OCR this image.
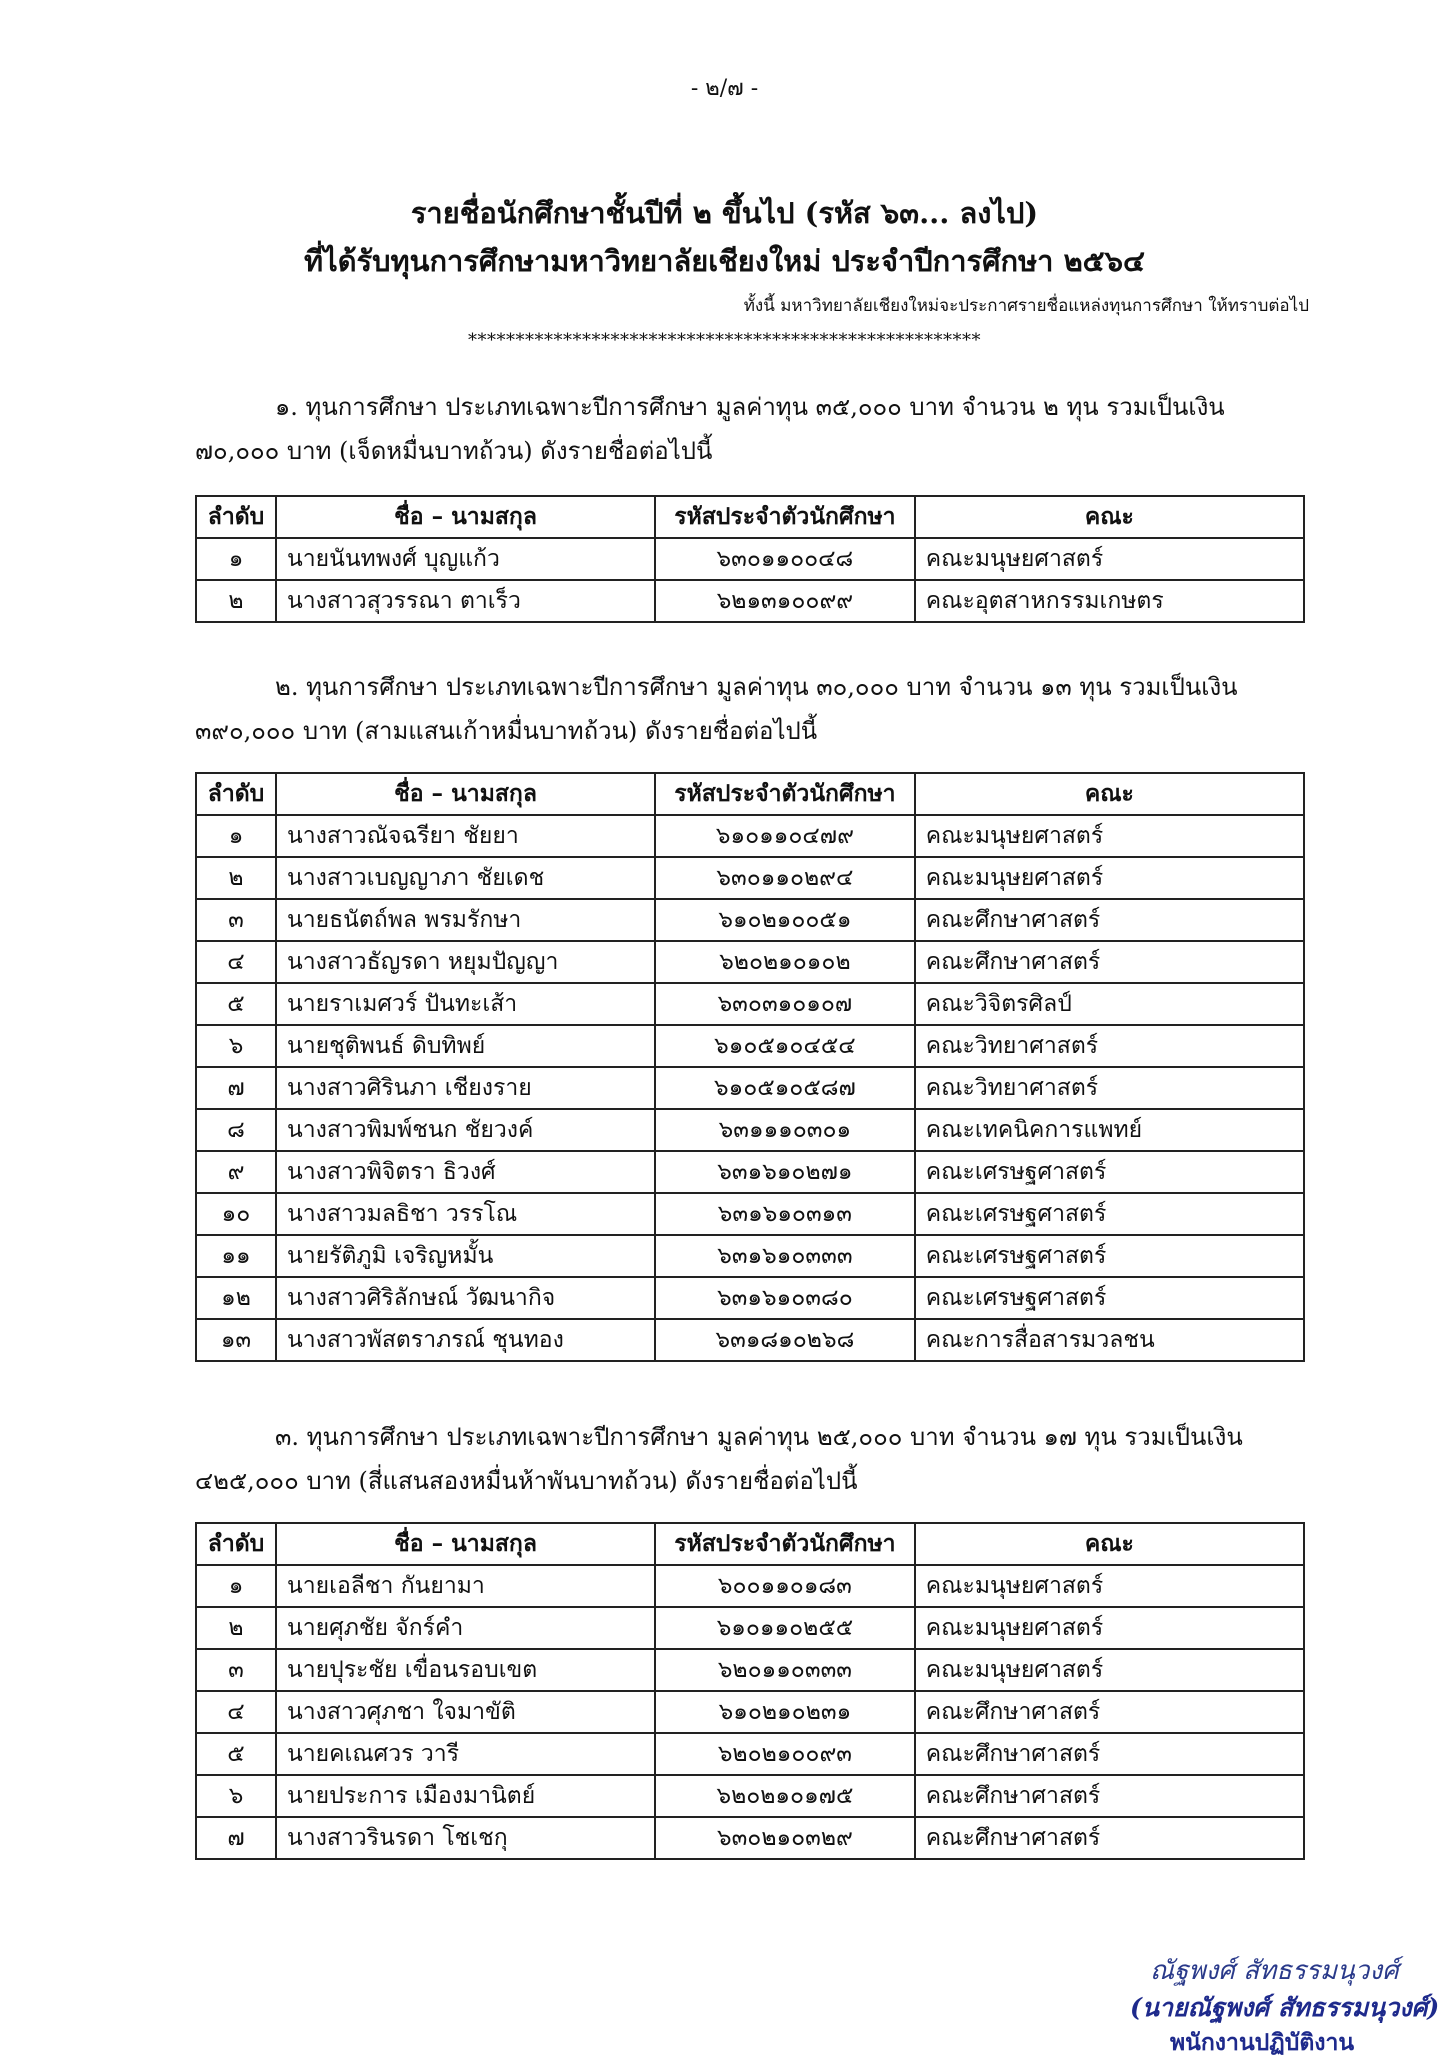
- ๒/๗ -
รายชื่อนักศึกษาชั้นปีที่ ๒ ขึ้นไป (รหัส ๖๓... ลงไป)
ที่ได้รับทุนการศึกษามหาวิทยาลัยเชียงใหม่ ประจำปีการศึกษา ๒๕๖๔
ทั้งนี้ มหาวิทยาลัยเชียงใหม่จะประกาศรายชื่อแหล่งทุนการศึกษา ให้ทราบต่อไป
******************************************************
๑. ทุนการศึกษา ประเภทเฉพาะปีการศึกษา มูลค่าทุน ๓๕,๐๐๐ บาท จำนวน ๒ ทุน รวมเป็นเงิน ๗๐,๐๐๐ บาท (เจ็ดหมื่นบาทถ้วน) ดังรายชื่อต่อไปนี้
ลำดับ	ชื่อ – นามสกุล	รหัสประจำตัวนักศึกษา	คณะ
๑	นายนันทพงศ์ บุญแก้ว	๖๓๐๑๑๐๐๔๘	คณะมนุษยศาสตร์
๒	นางสาวสุวรรณา ตาเร็ว	๖๒๑๓๑๐๐๙๙	คณะอุตสาหกรรมเกษตร
๒. ทุนการศึกษา ประเภทเฉพาะปีการศึกษา มูลค่าทุน ๓๐,๐๐๐ บาท จำนวน ๑๓ ทุน รวมเป็นเงิน ๓๙๐,๐๐๐ บาท (สามแสนเก้าหมื่นบาทถ้วน) ดังรายชื่อต่อไปนี้
ลำดับ	ชื่อ – นามสกุล	รหัสประจำตัวนักศึกษา	คณะ
๑	นางสาวณัจฉรียา ชัยยา	๖๑๐๑๑๐๔๗๙	คณะมนุษยศาสตร์
๒	นางสาวเบญญาภา ชัยเดช	๖๓๐๑๑๐๒๙๔	คณะมนุษยศาสตร์
๓	นายธนัตถ์พล พรมรักษา	๖๑๐๒๑๐๐๕๑	คณะศึกษาศาสตร์
๔	นางสาวธัญรดา หยุมปัญญา	๖๒๐๒๑๐๑๐๒	คณะศึกษาศาสตร์
๕	นายราเมศวร์ ปันทะเส้า	๖๓๐๓๑๐๑๐๗	คณะวิจิตรศิลป์
๖	นายชุติพนธ์ ดิบทิพย์	๖๑๐๕๑๐๔๕๔	คณะวิทยาศาสตร์
๗	นางสาวศิรินภา เชียงราย	๖๑๐๕๑๐๕๘๗	คณะวิทยาศาสตร์
๘	นางสาวพิมพ์ชนก ชัยวงค์	๖๓๑๑๑๐๓๐๑	คณะเทคนิคการแพทย์
๙	นางสาวพิจิตรา ธิวงศ์	๖๓๑๖๑๐๒๗๑	คณะเศรษฐศาสตร์
๑๐	นางสาวมลธิชา วรรโณ	๖๓๑๖๑๐๓๑๓	คณะเศรษฐศาสตร์
๑๑	นายรัติภูมิ เจริญหมั้น	๖๓๑๖๑๐๓๓๓	คณะเศรษฐศาสตร์
๑๒	นางสาวศิริลักษณ์ วัฒนากิจ	๖๓๑๖๑๐๓๘๐	คณะเศรษฐศาสตร์
๑๓	นางสาวพัสตราภรณ์ ชุนทอง	๖๓๑๘๑๐๒๖๘	คณะการสื่อสารมวลชน
๓. ทุนการศึกษา ประเภทเฉพาะปีการศึกษา มูลค่าทุน ๒๕,๐๐๐ บาท จำนวน ๑๗ ทุน รวมเป็นเงิน ๔๒๕,๐๐๐ บาท (สี่แสนสองหมื่นห้าพันบาทถ้วน) ดังรายชื่อต่อไปนี้
ลำดับ	ชื่อ – นามสกุล	รหัสประจำตัวนักศึกษา	คณะ
๑	นายเอลีชา กันยามา	๖๐๐๑๑๐๑๘๓	คณะมนุษยศาสตร์
๒	นายศุภชัย จักร์คำ	๖๑๐๑๑๐๒๕๕	คณะมนุษยศาสตร์
๓	นายปุระชัย เขื่อนรอบเขต	๖๒๐๑๑๐๓๓๓	คณะมนุษยศาสตร์
๔	นางสาวศุภชา ใจมาขัติ	๖๑๐๒๑๐๒๓๑	คณะศึกษาศาสตร์
๕	นายคเณศวร วารี	๖๒๐๒๑๐๐๙๓	คณะศึกษาศาสตร์
๖	นายประการ เมืองมานิตย์	๖๒๐๒๑๐๑๗๕	คณะศึกษาศาสตร์
๗	นางสาวรินรดา โชเชกุ	๖๓๐๒๑๐๓๒๙	คณะศึกษาศาสตร์
ณัฐพงศ์ สัทธรรมนุวงศ์
(นายณัฐพงศ์ สัทธรรมนุวงศ์)
พนักงานปฏิบัติงาน
